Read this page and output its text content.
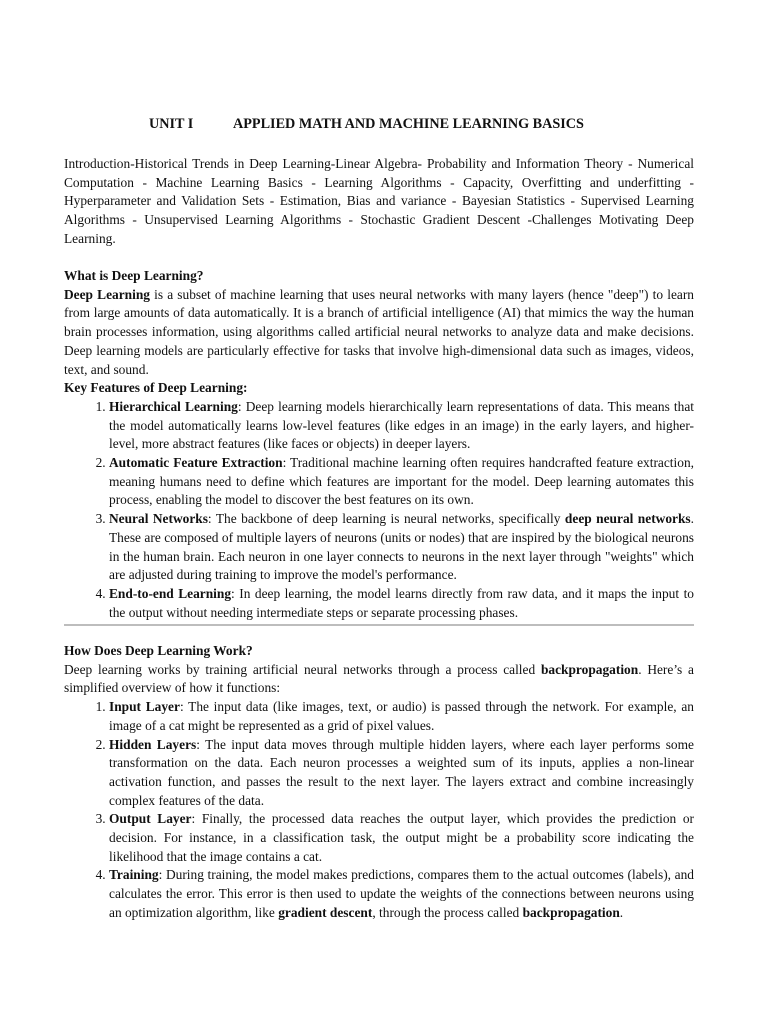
UNIT I	APPLIED MATH AND MACHINE LEARNING BASICS

Introduction-Historical Trends in Deep Learning-Linear Algebra- Probability and Information Theory - Numerical Computation - Machine Learning Basics - Learning Algorithms - Capacity, Overfitting and underfitting - Hyperparameter and Validation Sets - Estimation, Bias and variance - Bayesian Statistics - Supervised Learning Algorithms - Unsupervised Learning Algorithms - Stochastic Gradient Descent -Challenges Motivating Deep Learning.

What is Deep Learning?

Deep Learning is a subset of machine learning that uses neural networks with many layers (hence "deep") to learn from large amounts of data automatically. It is a branch of artificial intelligence (AI) that mimics the way the human brain processes information, using algorithms called artificial neural networks to analyze data and make decisions. Deep learning models are particularly effective for tasks that involve high-dimensional data such as images, videos, text, and sound.

Key Features of Deep Learning:

1. Hierarchical Learning: Deep learning models hierarchically learn representations of data. This means that the model automatically learns low-level features (like edges in an image) in the early layers, and higher-level, more abstract features (like faces or objects) in deeper layers.
2. Automatic Feature Extraction: Traditional machine learning often requires handcrafted feature extraction, meaning humans need to define which features are important for the model. Deep learning automates this process, enabling the model to discover the best features on its own.
3. Neural Networks: The backbone of deep learning is neural networks, specifically deep neural networks. These are composed of multiple layers of neurons (units or nodes) that are inspired by the biological neurons in the human brain. Each neuron in one layer connects to neurons in the next layer through "weights" which are adjusted during training to improve the model's performance.
4. End-to-end Learning: In deep learning, the model learns directly from raw data, and it maps the input to the output without needing intermediate steps or separate processing phases.

How Does Deep Learning Work?

Deep learning works by training artificial neural networks through a process called backpropagation. Here’s a simplified overview of how it functions:

1. Input Layer: The input data (like images, text, or audio) is passed through the network. For example, an image of a cat might be represented as a grid of pixel values.
2. Hidden Layers: The input data moves through multiple hidden layers, where each layer performs some transformation on the data. Each neuron processes a weighted sum of its inputs, applies a non-linear activation function, and passes the result to the next layer. The layers extract and combine increasingly complex features of the data.
3. Output Layer: Finally, the processed data reaches the output layer, which provides the prediction or decision. For instance, in a classification task, the output might be a probability score indicating the likelihood that the image contains a cat.
4. Training: During training, the model makes predictions, compares them to the actual outcomes (labels), and calculates the error. This error is then used to update the weights of the connections between neurons using an optimization algorithm, like gradient descent, through the process called backpropagation.
